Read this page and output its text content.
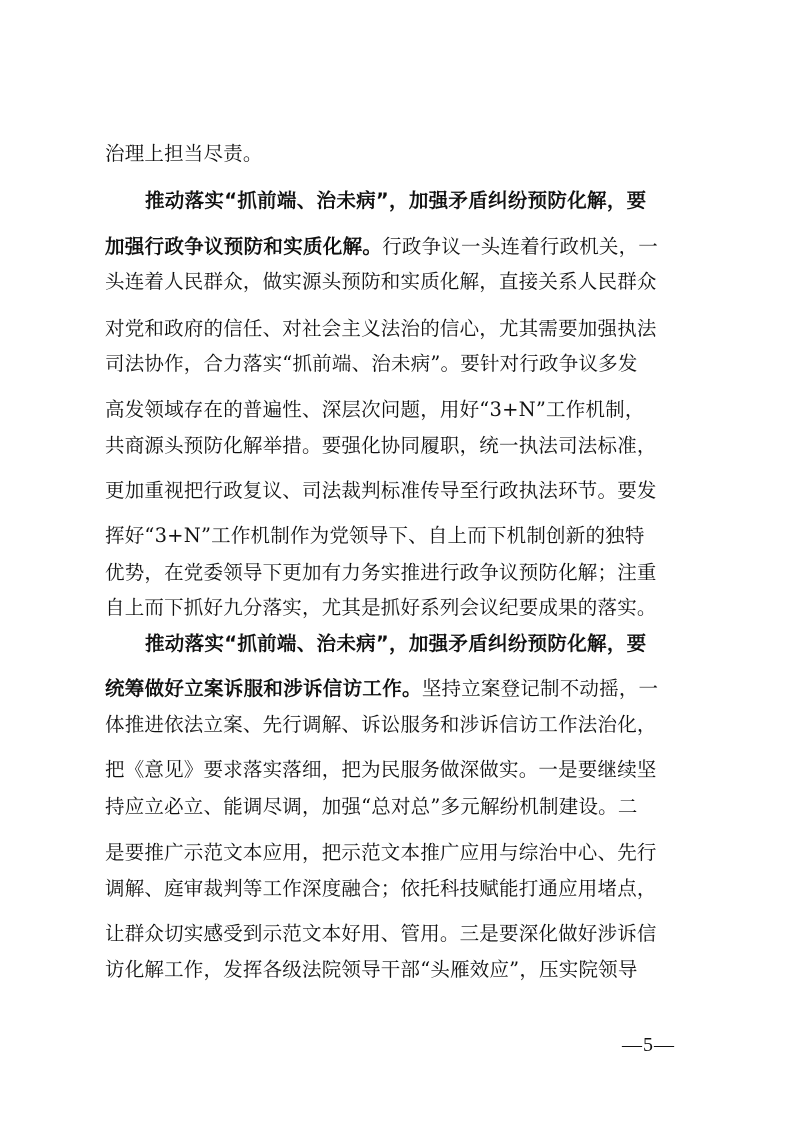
治理上担当尽责。
推动落实“抓前端、治未病”，加强矛盾纠纷预防化解，要
加强行政争议预防和实质化解。行政争议一头连着行政机关，一
头连着人民群众，做实源头预防和实质化解，直接关系人民群众
对党和政府的信任、对社会主义法治的信心，尤其需要加强执法
司法协作，合力落实“抓前端、治未病”。要针对行政争议多发
高发领域存在的普遍性、深层次问题，用好“3+N”工作机制，
共商源头预防化解举措。要强化协同履职，统一执法司法标准，
更加重视把行政复议、司法裁判标准传导至行政执法环节。要发
挥好“3+N”工作机制作为党领导下、自上而下机制创新的独特
优势，在党委领导下更加有力务实推进行政争议预防化解；注重
自上而下抓好九分落实，尤其是抓好系列会议纪要成果的落实。
推动落实“抓前端、治未病”，加强矛盾纠纷预防化解，要
统筹做好立案诉服和涉诉信访工作。坚持立案登记制不动摇，一
体推进依法立案、先行调解、诉讼服务和涉诉信访工作法治化，
把《意见》要求落实落细，把为民服务做深做实。一是要继续坚
持应立必立、能调尽调，加强“总对总”多元解纷机制建设。二
是要推广示范文本应用，把示范文本推广应用与综治中心、先行
调解、庭审裁判等工作深度融合；依托科技赋能打通应用堵点，
让群众切实感受到示范文本好用、管用。三是要深化做好涉诉信
访化解工作，发挥各级法院领导干部“头雁效应”，压实院领导
—5—
